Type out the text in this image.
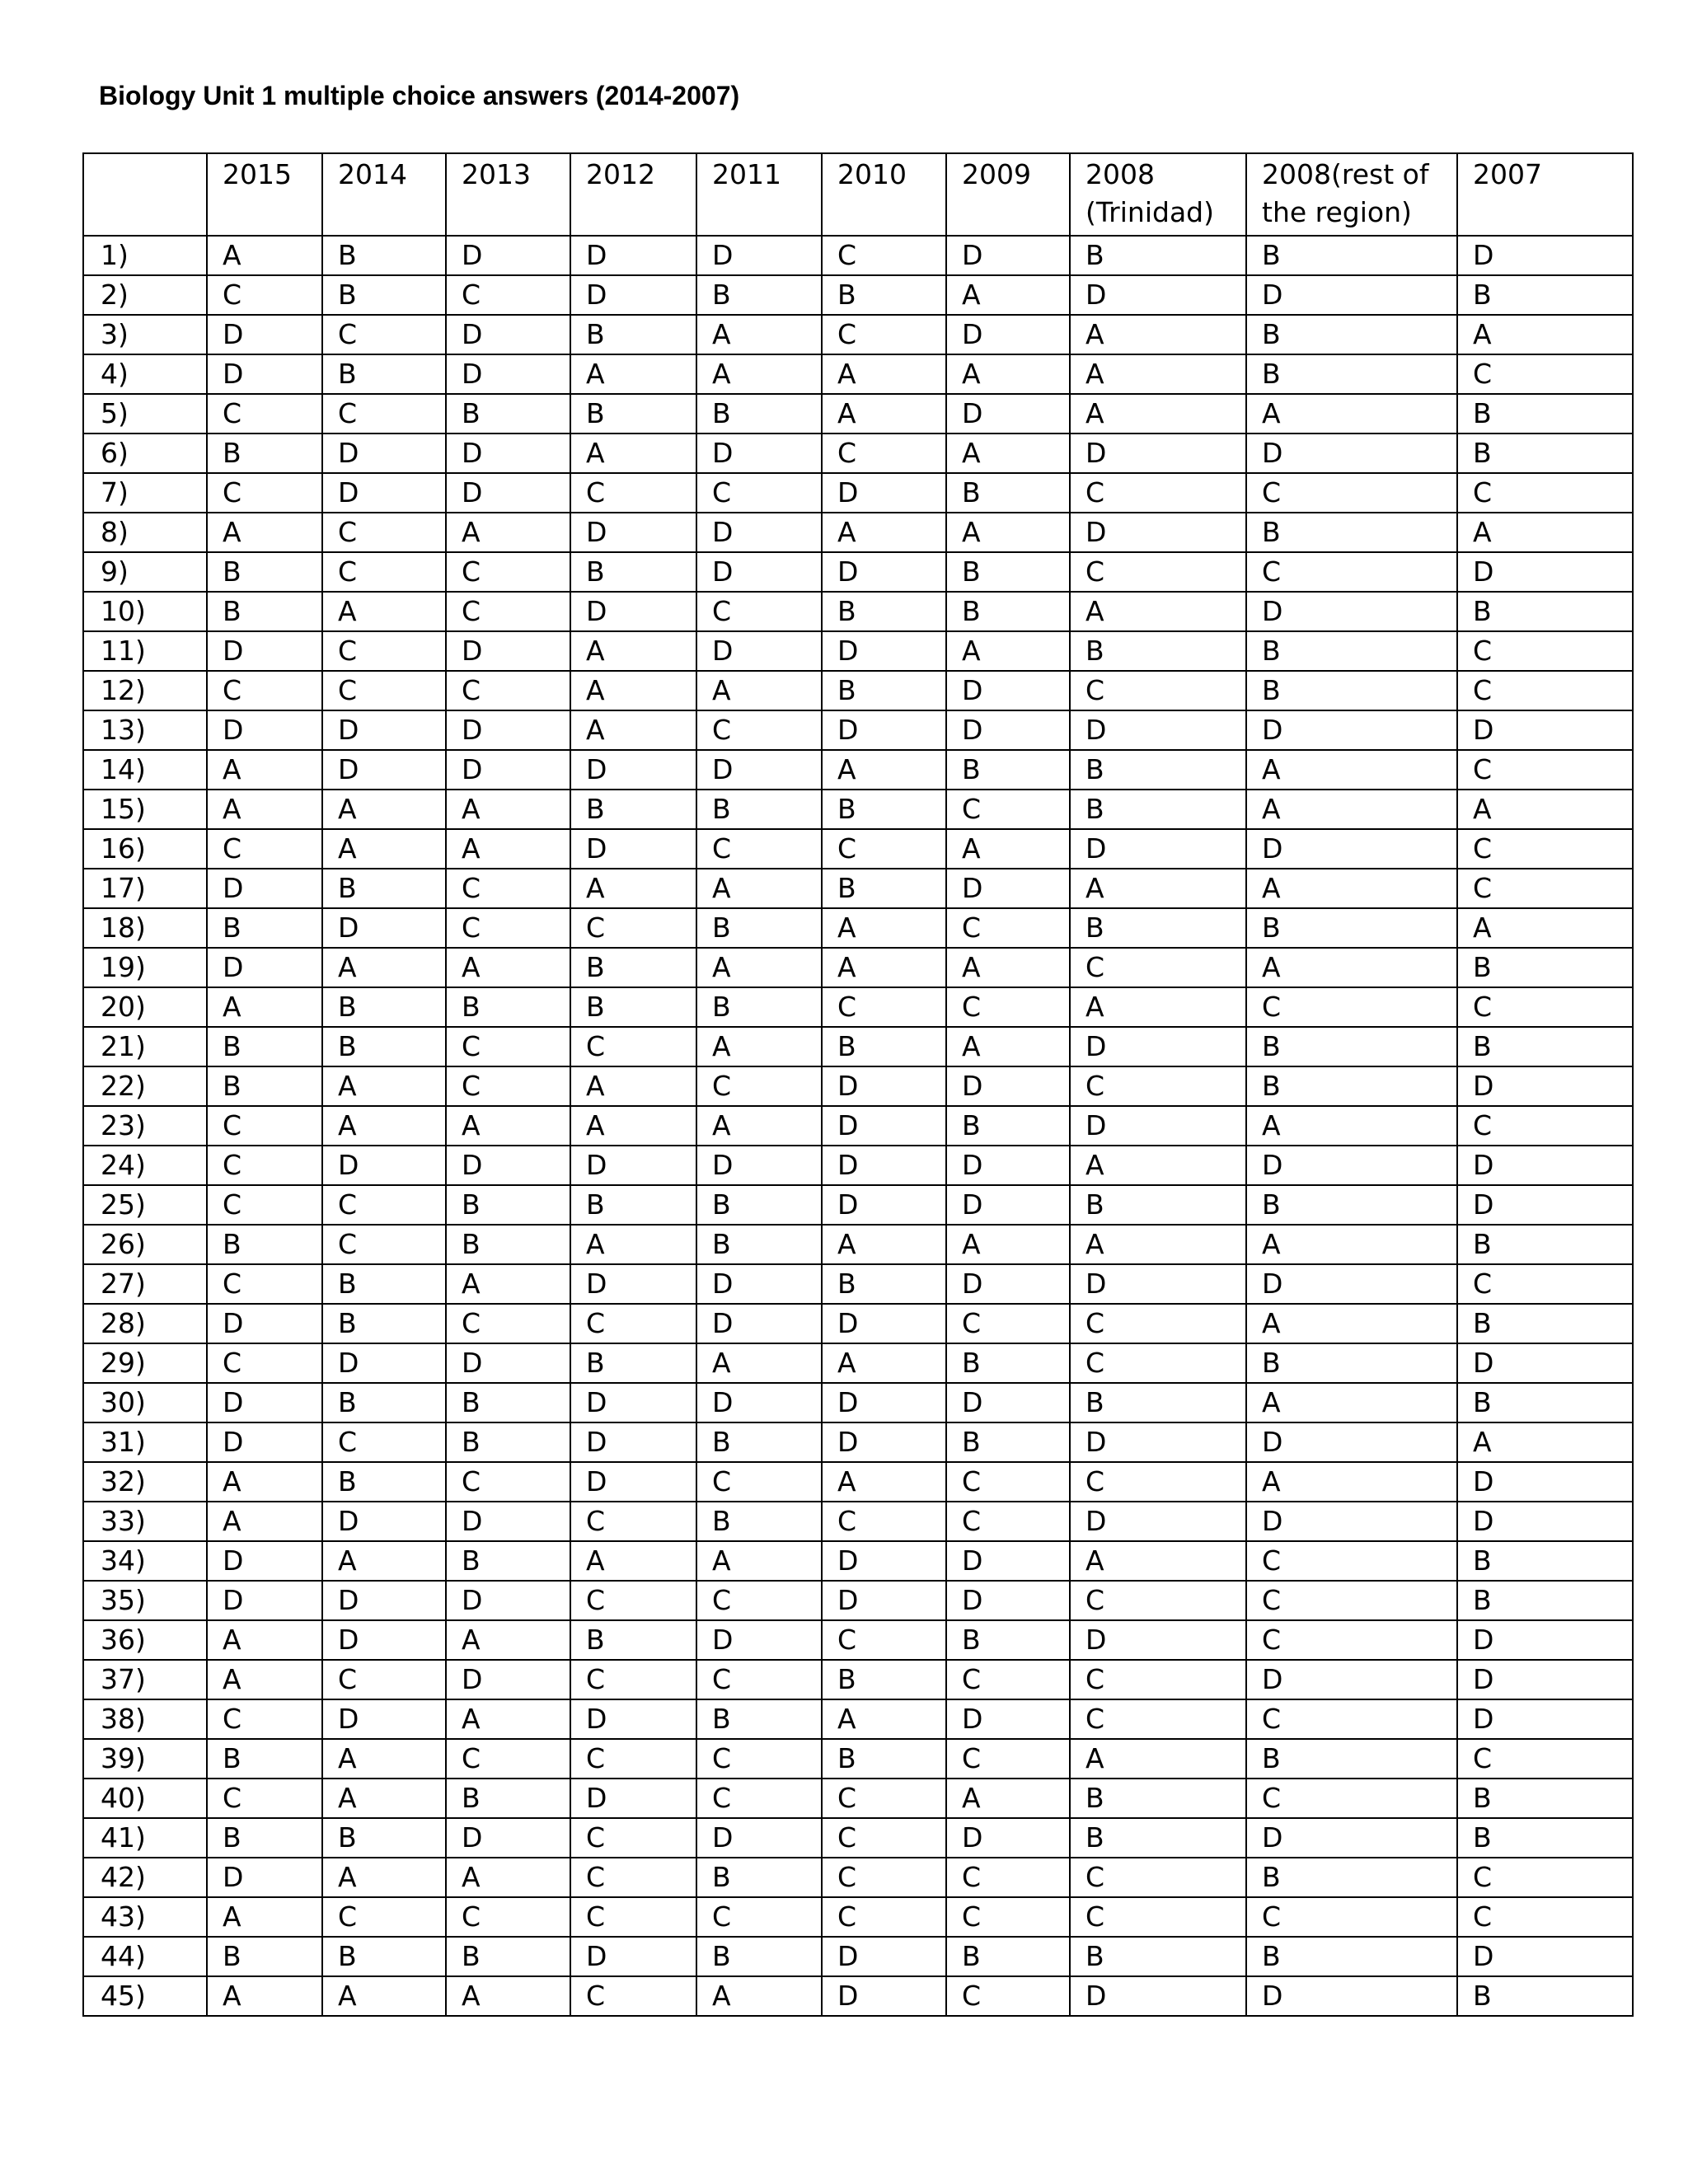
Biology Unit 1 multiple choice answers (2014-2007)
	2015	2014	2013	2012	2011	2010	2009	2008 (Trinidad)	2008(rest of the region)	2007
1)	A	B	D	D	D	C	D	B	B	D
2)	C	B	C	D	B	B	A	D	D	B
3)	D	C	D	B	A	C	D	A	B	A
4)	D	B	D	A	A	A	A	A	B	C
5)	C	C	B	B	B	A	D	A	A	B
6)	B	D	D	A	D	C	A	D	D	B
7)	C	D	D	C	C	D	B	C	C	C
8)	A	C	A	D	D	A	A	D	B	A
9)	B	C	C	B	D	D	B	C	C	D
10)	B	A	C	D	C	B	B	A	D	B
11)	D	C	D	A	D	D	A	B	B	C
12)	C	C	C	A	A	B	D	C	B	C
13)	D	D	D	A	C	D	D	D	D	D
14)	A	D	D	D	D	A	B	B	A	C
15)	A	A	A	B	B	B	C	B	A	A
16)	C	A	A	D	C	C	A	D	D	C
17)	D	B	C	A	A	B	D	A	A	C
18)	B	D	C	C	B	A	C	B	B	A
19)	D	A	A	B	A	A	A	C	A	B
20)	A	B	B	B	B	C	C	A	C	C
21)	B	B	C	C	A	B	A	D	B	B
22)	B	A	C	A	C	D	D	C	B	D
23)	C	A	A	A	A	D	B	D	A	C
24)	C	D	D	D	D	D	D	A	D	D
25)	C	C	B	B	B	D	D	B	B	D
26)	B	C	B	A	B	A	A	A	A	B
27)	C	B	A	D	D	B	D	D	D	C
28)	D	B	C	C	D	D	C	C	A	B
29)	C	D	D	B	A	A	B	C	B	D
30)	D	B	B	D	D	D	D	B	A	B
31)	D	C	B	D	B	D	B	D	D	A
32)	A	B	C	D	C	A	C	C	A	D
33)	A	D	D	C	B	C	C	D	D	D
34)	D	A	B	A	A	D	D	A	C	B
35)	D	D	D	C	C	D	D	C	C	B
36)	A	D	A	B	D	C	B	D	C	D
37)	A	C	D	C	C	B	C	C	D	D
38)	C	D	A	D	B	A	D	C	C	D
39)	B	A	C	C	C	B	C	A	B	C
40)	C	A	B	D	C	C	A	B	C	B
41)	B	B	D	C	D	C	D	B	D	B
42)	D	A	A	C	B	C	C	C	B	C
43)	A	C	C	C	C	C	C	C	C	C
44)	B	B	B	D	B	D	B	B	B	D
45)	A	A	A	C	A	D	C	D	D	B
